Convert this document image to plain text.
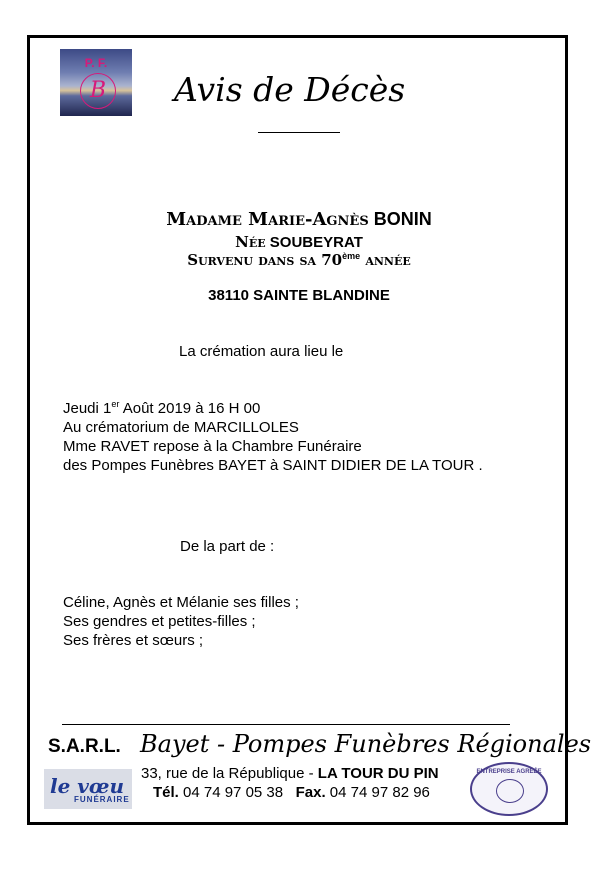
P. F.
B	Avis de Décès
Madame Marie-Agnès BONIN
Née SOUBEYRAT
Survenu dans sa 70ème année
38110 SAINTE BLANDINE
La crémation aura lieu le
Jeudi 1er Août 2019 à 16 H 00
Au crématorium de MARCILLOLES
Mme RAVET repose à la Chambre Funéraire
des Pompes Funèbres BAYET à SAINT DIDIER DE LA TOUR .
De la part de :
Céline, Agnès et Mélanie ses filles ;
Ses gendres et petites-filles ;
Ses frères et sœurs ;
S.A.R.L. Bayet - Pompes Funèbres Régionales
le vœu
FUNÉRAIRE
33, rue de la République - LA TOUR DU PIN
Tél. 04 74 97 05 38 Fax. 04 74 97 82 96
ENTREPRISE AGRÉÉE
